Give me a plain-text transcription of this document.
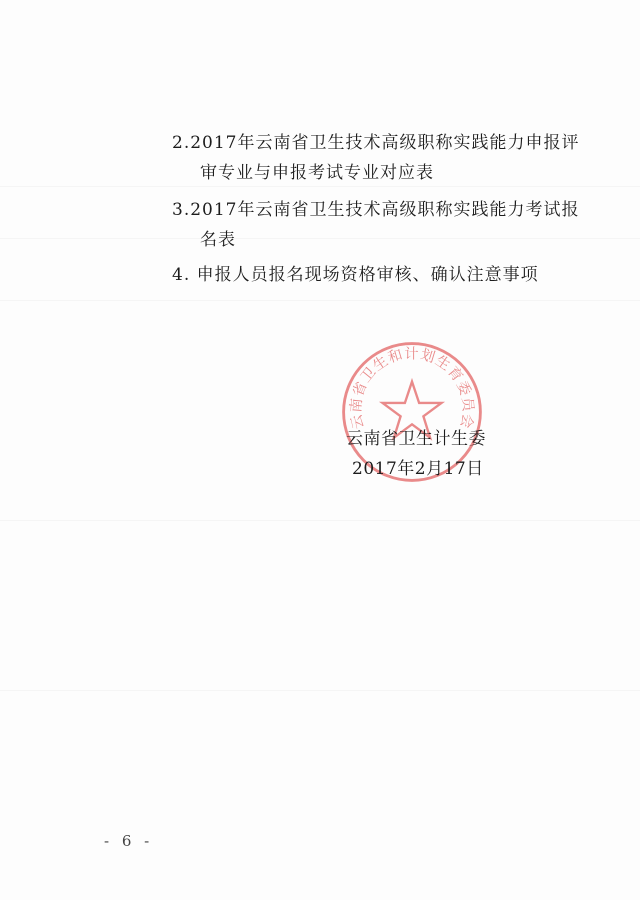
2.2017年云南省卫生技术高级职称实践能力申报评
审专业与申报考试专业对应表
3.2017年云南省卫生技术高级职称实践能力考试报
名表
4. 申报人员报名现场资格审核、确认注意事项
云南省卫生和计划生育委员会
云南省卫生计生委
2017年2月17日
- 6 -
